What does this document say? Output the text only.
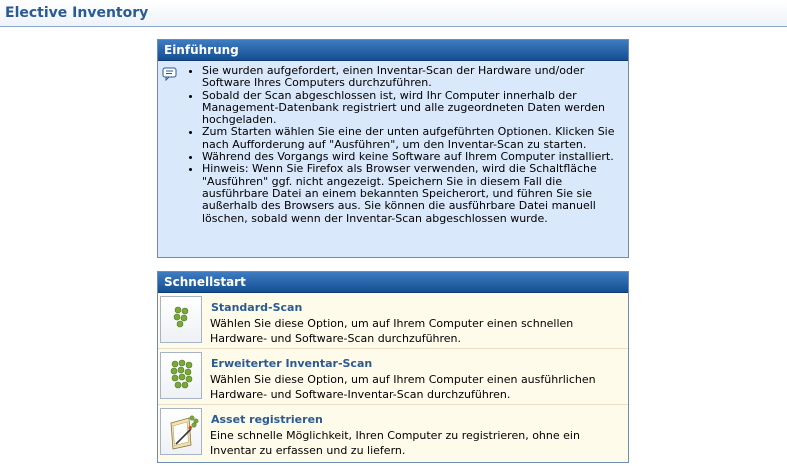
Elective Inventory
Einführung
• Sie wurden aufgefordert, einen Inventar-Scan der Hardware und/oder Software Ihres Computers durchzuführen.
• Sobald der Scan abgeschlossen ist, wird Ihr Computer innerhalb der Management-Datenbank registriert und alle zugeordneten Daten werden hochgeladen.
• Zum Starten wählen Sie eine der unten aufgeführten Optionen. Klicken Sie nach Aufforderung auf "Ausführen", um den Inventar-Scan zu starten.
• Während des Vorgangs wird keine Software auf Ihrem Computer installiert.
• Hinweis: Wenn Sie Firefox als Browser verwenden, wird die Schaltfläche "Ausführen" ggf. nicht angezeigt. Speichern Sie in diesem Fall die ausführbare Datei an einem bekannten Speicherort, und führen Sie sie außerhalb des Browsers aus. Sie können die ausführbare Datei manuell löschen, sobald wenn der Inventar-Scan abgeschlossen wurde.
Schnellstart
Standard-Scan
Wählen Sie diese Option, um auf Ihrem Computer einen schnellen Hardware- und Software-Scan durchzuführen.
Erweiterter Inventar-Scan
Wählen Sie diese Option, um auf Ihrem Computer einen ausführlichen Hardware- und Software-Inventar-Scan durchzuführen.
Asset registrieren
Eine schnelle Möglichkeit, Ihren Computer zu registrieren, ohne ein Inventar zu erfassen und zu liefern.
